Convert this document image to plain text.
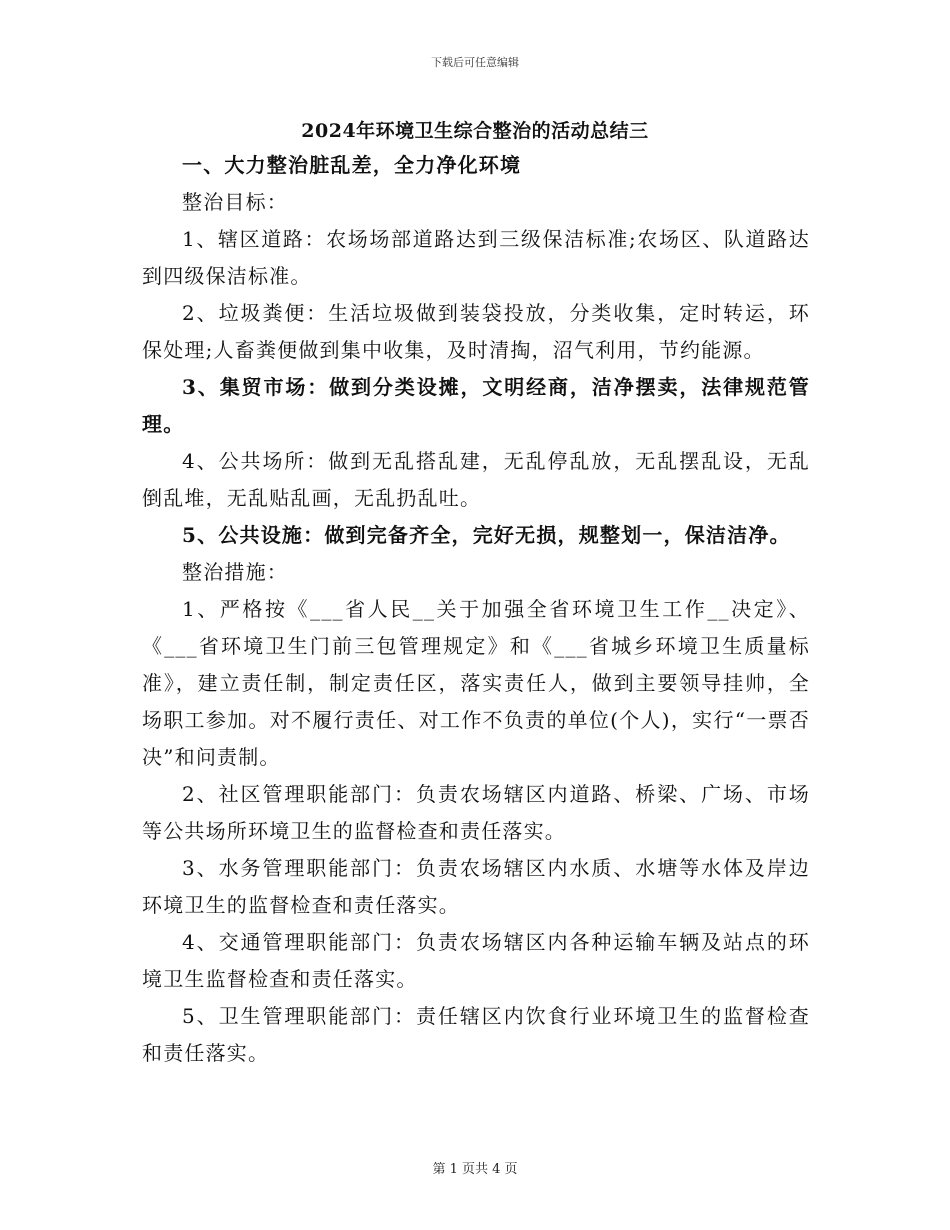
下载后可任意编辑
2024年环境卫生综合整治的活动总结三

一、大力整治脏乱差，全力净化环境

整治目标：

1、辖区道路：农场场部道路达到三级保洁标准;农场区、队道路达到四级保洁标准。

2、垃圾粪便：生活垃圾做到装袋投放，分类收集，定时转运，环保处理;人畜粪便做到集中收集，及时清掏，沼气利用，节约能源。

3、集贸市场：做到分类设摊，文明经商，洁净摆卖，法律规范管理。

4、公共场所：做到无乱搭乱建，无乱停乱放，无乱摆乱设，无乱倒乱堆，无乱贴乱画，无乱扔乱吐。

5、公共设施：做到完备齐全，完好无损，规整划一，保洁洁净。

整治措施：

1、严格按《___省人民__关于加强全省环境卫生工作__决定》、《___省环境卫生门前三包管理规定》和《___省城乡环境卫生质量标准》，建立责任制，制定责任区，落实责任人，做到主要领导挂帅，全场职工参加。对不履行责任、对工作不负责的单位(个人)，实行“一票否决”和问责制。

2、社区管理职能部门：负责农场辖区内道路、桥梁、广场、市场等公共场所环境卫生的监督检查和责任落实。

3、水务管理职能部门：负责农场辖区内水质、水塘等水体及岸边环境卫生的监督检查和责任落实。

4、交通管理职能部门：负责农场辖区内各种运输车辆及站点的环境卫生监督检查和责任落实。

5、卫生管理职能部门：责任辖区内饮食行业环境卫生的监督检查和责任落实。

第 1 页共 4 页
